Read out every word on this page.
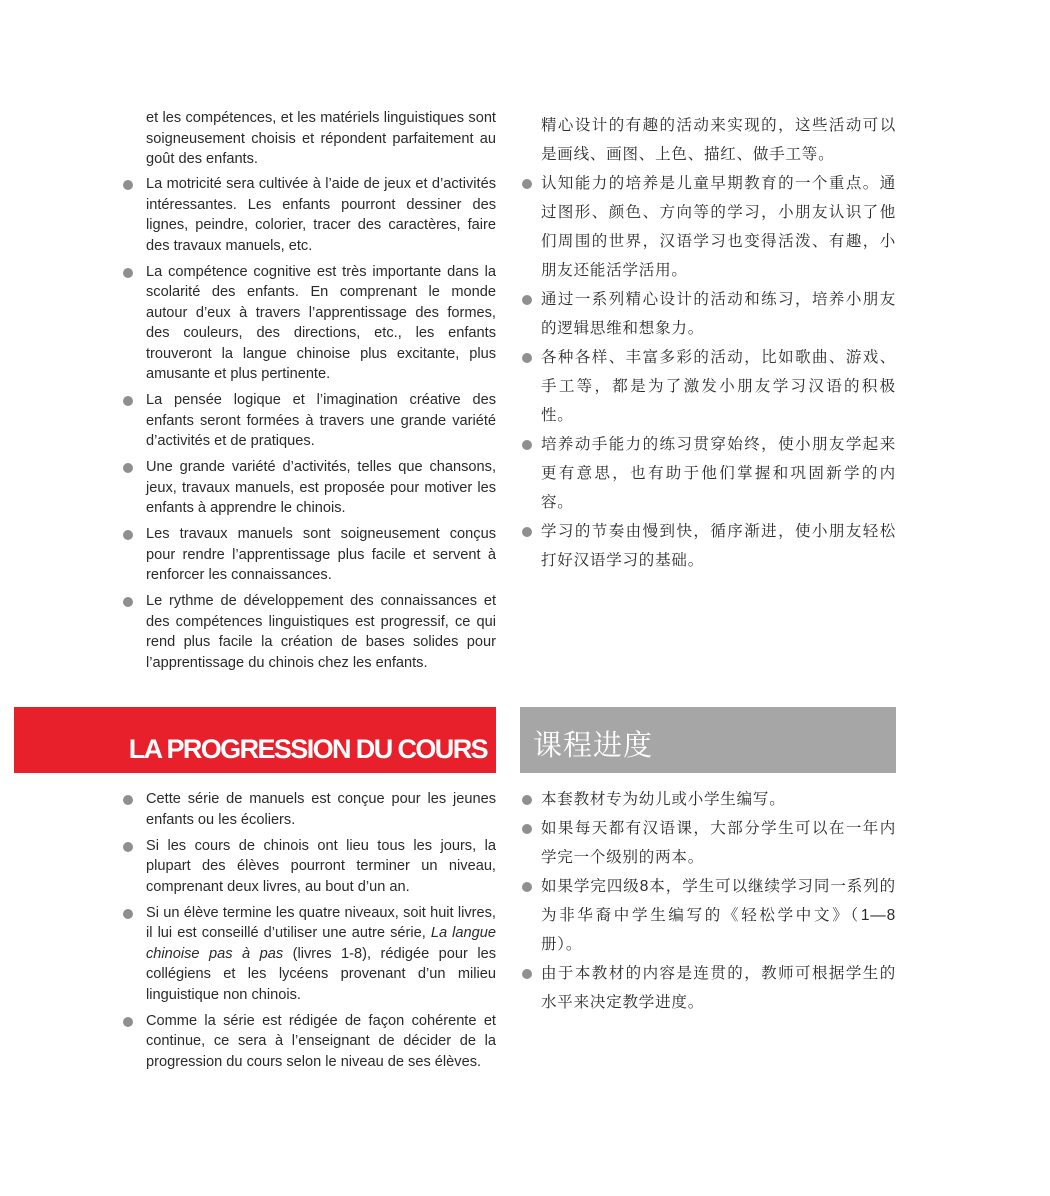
et les compétences, et les matériels linguistiques sont soigneusement choisis et répondent parfaitement au goût des enfants.
La motricité sera cultivée à l’aide de jeux et d’activités intéressantes. Les enfants pourront dessiner des lignes, peindre, colorier, tracer des caractères, faire des travaux manuels, etc.
La compétence cognitive est très importante dans la scolarité des enfants. En comprenant le monde autour d’eux à travers l’apprentissage des formes, des couleurs, des directions, etc., les enfants trouveront la langue chinoise plus excitante, plus amusante et plus pertinente.
La pensée logique et l’imagination créative des enfants seront formées à travers une grande variété d’activités et de pratiques.
Une grande variété d’activités, telles que chansons, jeux, travaux manuels, est proposée pour motiver les enfants à apprendre le chinois.
Les travaux manuels sont soigneusement conçus pour rendre l’apprentissage plus facile et servent à renforcer les connaissances.
Le rythme de développement des connaissances et des compétences linguistiques est progressif, ce qui rend plus facile la création de bases solides pour l’apprentissage du chinois chez les enfants.
精心设计的有趣的活动来实现的，这些活动可以是画线、画图、上色、描红、做手工等。
认知能力的培养是儿童早期教育的一个重点。通过图形、颜色、方向等的学习，小朋友认识了他们周围的世界，汉语学习也变得活泼、有趣，小朋友还能活学活用。
通过一系列精心设计的活动和练习，培养小朋友的逻辑思维和想象力。
各种各样、丰富多彩的活动，比如歌曲、游戏、手工等，都是为了激发小朋友学习汉语的积极性。
培养动手能力的练习贯穿始终，使小朋友学起来更有意思，也有助于他们掌握和巩固新学的内容。
学习的节奏由慢到快，循序渐进，使小朋友轻松打好汉语学习的基础。
LA PROGRESSION DU COURS 课程进度
Cette série de manuels est conçue pour les jeunes enfants ou les écoliers.
Si les cours de chinois ont lieu tous les jours, la plupart des élèves pourront terminer un niveau, comprenant deux livres, au bout d’un an.
Si un élève termine les quatre niveaux, soit huit livres, il lui est conseillé d’utiliser une autre série, La langue chinoise pas à pas (livres 1-8), rédigée pour les collégiens et les lycéens provenant d’un milieu linguistique non chinois.
Comme la série est rédigée de façon cohérente et continue, ce sera à l’enseignant de décider de la progression du cours selon le niveau de ses élèves.
本套教材专为幼儿或小学生编写。
如果每天都有汉语课，大部分学生可以在一年内学完一个级别的两本。
如果学完四级8本，学生可以继续学习同一系列的为非华裔中学生编写的《轻松学中文》（1—8册）。
由于本教材的内容是连贯的，教师可根据学生的水平来决定教学进度。
